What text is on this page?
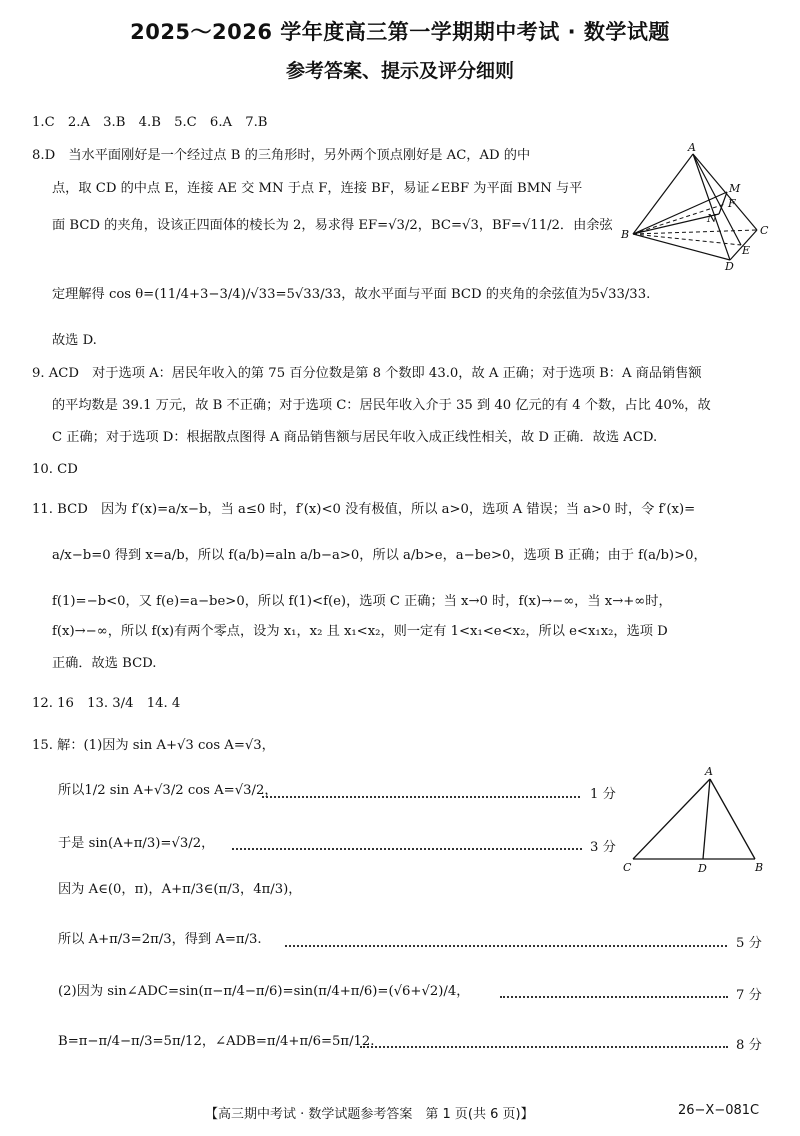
2025～2026 学年度高三第一学期期中考试 · 数学试题
参考答案、提示及评分细则
1.C　2.A　3.B　4.B　5.C　6.A　7.B
8.D　当水平面刚好是一个经过点 B 的三角形时，另外两个顶点刚好是 AC，AD 的中
点，取 CD 的中点 E，连接 AE 交 MN 于点 F，连接 BF，易证∠EBF 为平面 BMN 与平
面 BCD 的夹角，设该正四面体的棱长为 2，易求得 EF=√3/2，BC=√3，BF=√11/2．由余弦
定理解得 cos θ=(11/4+3−3/4)/√33=5√33/33，故水平面与平面 BCD 的夹角的余弦值为5√33/33.
故选 D.
9. ACD　对于选项 A：居民年收入的第 75 百分位数是第 8 个数即 43.0，故 A 正确；对于选项 B：A 商品销售额
的平均数是 39.1 万元，故 B 不正确；对于选项 C：居民年收入介于 35 到 40 亿元的有 4 个数，占比 40%，故
C 正确；对于选项 D：根据散点图得 A 商品销售额与居民年收入成正线性相关，故 D 正确．故选 ACD.
10. CD
11. BCD　因为 f′(x)=a/x−b，当 a≤0 时，f′(x)<0 没有极值，所以 a>0，选项 A 错误；当 a>0 时，令 f′(x)=
a/x−b=0 得到 x=a/b，所以 f(a/b)=aln a/b−a>0，所以 a/b>e，a−be>0，选项 B 正确；由于 f(a/b)>0，
f(1)=−b<0，又 f(e)=a−be>0，所以 f(1)<f(e)，选项 C 正确；当 x→0 时，f(x)→−∞，当 x→+∞时，
f(x)→−∞，所以 f(x)有两个零点，设为 x₁，x₂ 且 x₁<x₂，则一定有 1<x₁<e<x₂，所以 e<x₁x₂，选项 D
正确．故选 BCD.
12. 16　13. 3/4　14. 4
15. 解：(1)因为 sin A+√3 cos A=√3，
所以1/2 sin A+√3/2 cos A=√3/2，
于是 sin(A+π/3)=√3/2，
因为 A∈(0，π)，A+π/3∈(π/3，4π/3)，
所以 A+π/3=2π/3，得到 A=π/3.
(2)因为 sin∠ADC=sin(π−π/4−π/6)=sin(π/4+π/6)=(√6+√2)/4，
B=π−π/4−π/3=5π/12，∠ADB=π/4+π/6=5π/12.
1 分
3 分
5 分
7 分
8 分
A
M
F
N
B	C
E
D
A
C	D	B
【高三期中考试 · 数学试题参考答案　第 1 页(共 6 页)】	26−X−081C
